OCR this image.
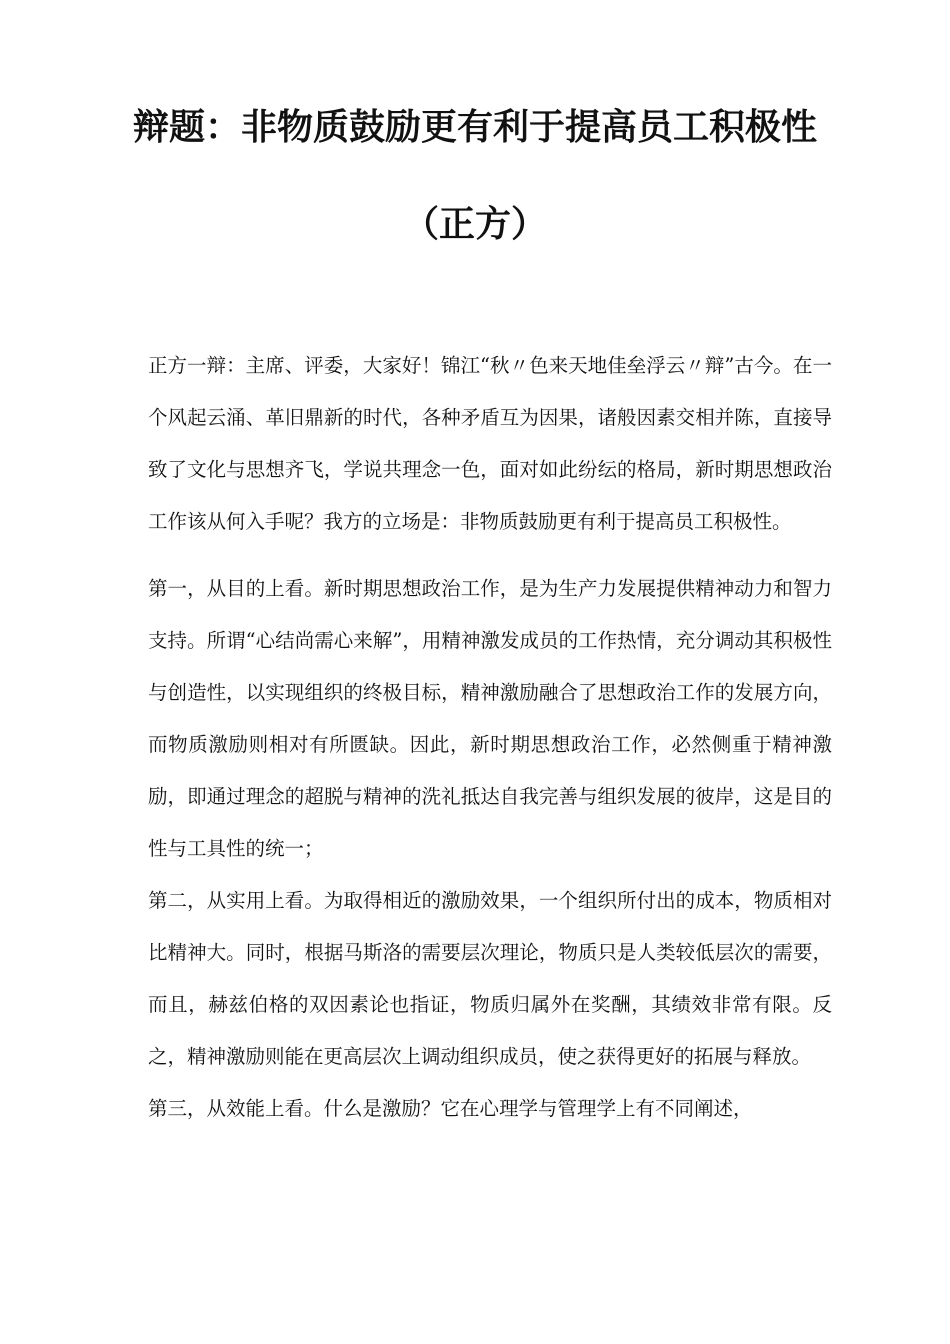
辩题：非物质鼓励更有利于提高员工积极性
（正方）

正方一辩：主席、评委，大家好！锦江“秋〃色来天地佳垒浮云〃辩”古今。在一个风起云涌、革旧鼎新的时代，各种矛盾互为因果，诸般因素交相并陈，直接导致了文化与思想齐飞，学说共理念一色，面对如此纷纭的格局，新时期思想政治工作该从何入手呢？我方的立场是：非物质鼓励更有利于提高员工积极性。

第一，从目的上看。新时期思想政治工作，是为生产力发展提供精神动力和智力支持。所谓“心结尚需心来解”，用精神激发成员的工作热情，充分调动其积极性与创造性，以实现组织的终极目标，精神激励融合了思想政治工作的发展方向，而物质激励则相对有所匮缺。因此，新时期思想政治工作，必然侧重于精神激励，即通过理念的超脱与精神的洗礼抵达自我完善与组织发展的彼岸，这是目的性与工具性的统一；

第二，从实用上看。为取得相近的激励效果，一个组织所付出的成本，物质相对比精神大。同时，根据马斯洛的需要层次理论，物质只是人类较低层次的需要，而且，赫兹伯格的双因素论也指证，物质归属外在奖酬，其绩效非常有限。反之，精神激励则能在更高层次上调动组织成员，使之获得更好的拓展与释放。

第三，从效能上看。什么是激励？它在心理学与管理学上有不同阐述，
